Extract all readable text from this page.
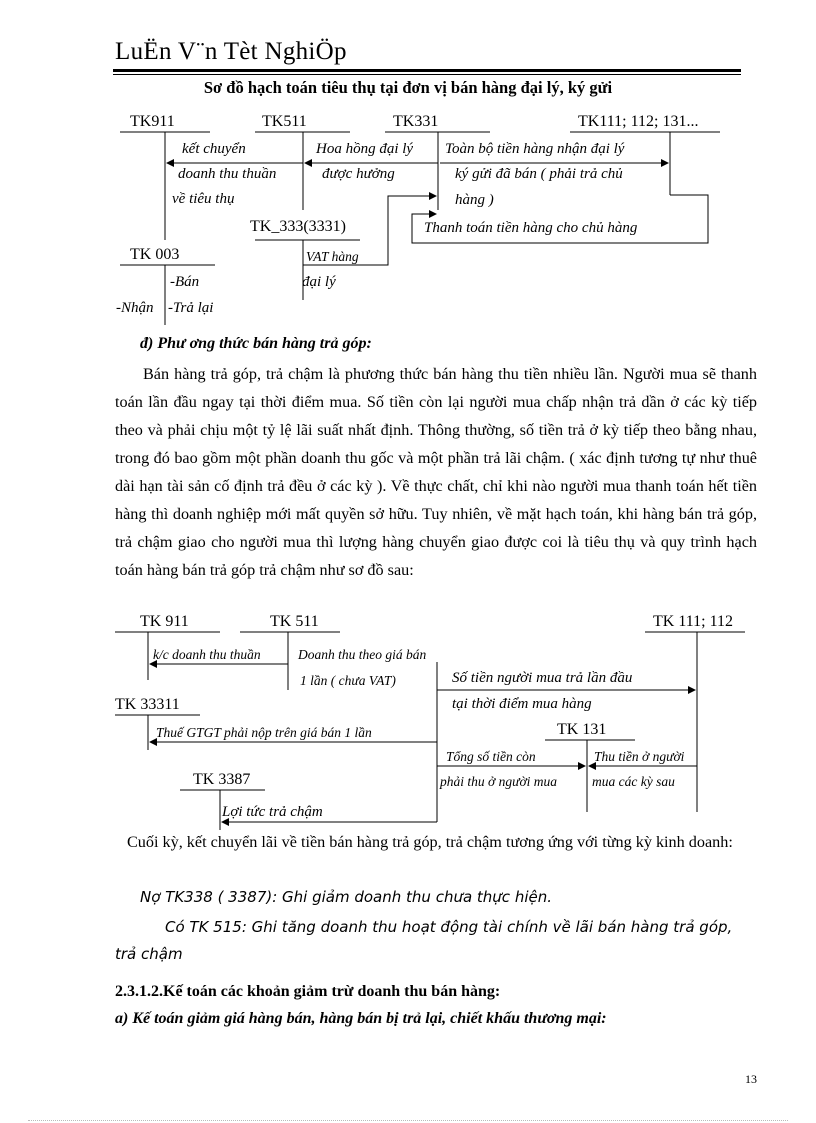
LuËn V¨n Tèt NghiÖp
Sơ đồ hạch toán tiêu thụ tại đơn vị bán hàng đại lý, ký gửi
TK911	TK511	TK331	TK111; 112; 131...
TK_333(3331)
TK 003
kết chuyển
doanh thu thuần
về tiêu thụ
Hoa hồng đại lý
được hưởng
Toàn bộ tiền hàng nhận đại lý
ký gửi đã bán ( phải trả chủ
hàng )
Thanh toán tiền hàng cho chủ hàng
VAT hàng
đại lý
-Bán
-Nhận -Trả lại
đ) Phư ơng thức bán hàng trả góp:

Bán hàng trả góp, trả chậm là phương thức bán hàng thu tiền nhiều lần. Người mua sẽ thanh toán lần đầu ngay tại thời điểm mua. Số tiền còn lại người mua chấp nhận trả dần ở các kỳ tiếp theo và phải chịu một tỷ lệ lãi suất nhất định. Thông thường, số tiền trả ở kỳ tiếp theo bằng nhau, trong đó bao gồm một phần doanh thu gốc và một phần trả lãi chậm. ( xác định tương tự như thuê dài hạn tài sản cố định trả đều ở các kỳ ). Về thực chất, chỉ khi nào người mua thanh toán hết tiền hàng thì doanh nghiệp mới mất quyền sở hữu. Tuy nhiên, về mặt hạch toán, khi hàng bán trả góp, trả chậm giao cho người mua thì lượng hàng chuyển giao được coi là tiêu thụ và quy trình hạch toán hàng bán trả góp trả chậm như sơ đồ sau:

TK 911	TK 511	TK 111; 112
TK 33311
TK 131
TK 3387
k/c doanh thu thuần	Doanh thu theo giá bán
1 lần ( chưa VAT)	Số tiền người mua trả lần đầu
tại thời điểm mua hàng
Thuế GTGT phải nộp trên giá bán 1 lần
Tổng số tiền còn
phải thu ở người mua
Thu tiền ở người
mua các kỳ sau
Lợi tức trả chậm

Cuối kỳ, kết chuyển lãi về tiền bán hàng trả góp, trả chậm tương ứng với từng kỳ kinh doanh:

Nợ TK338 ( 3387): Ghi giảm doanh thu chưa thực hiện.

Có TK 515: Ghi tăng doanh thu hoạt động tài chính về lãi bán hàng trả góp, trả chậm

2.3.1.2.Kế toán các khoản giảm trừ doanh thu bán hàng:
a) Kế toán giảm giá hàng bán, hàng bán bị trả lại, chiết khấu thương mại:
13
